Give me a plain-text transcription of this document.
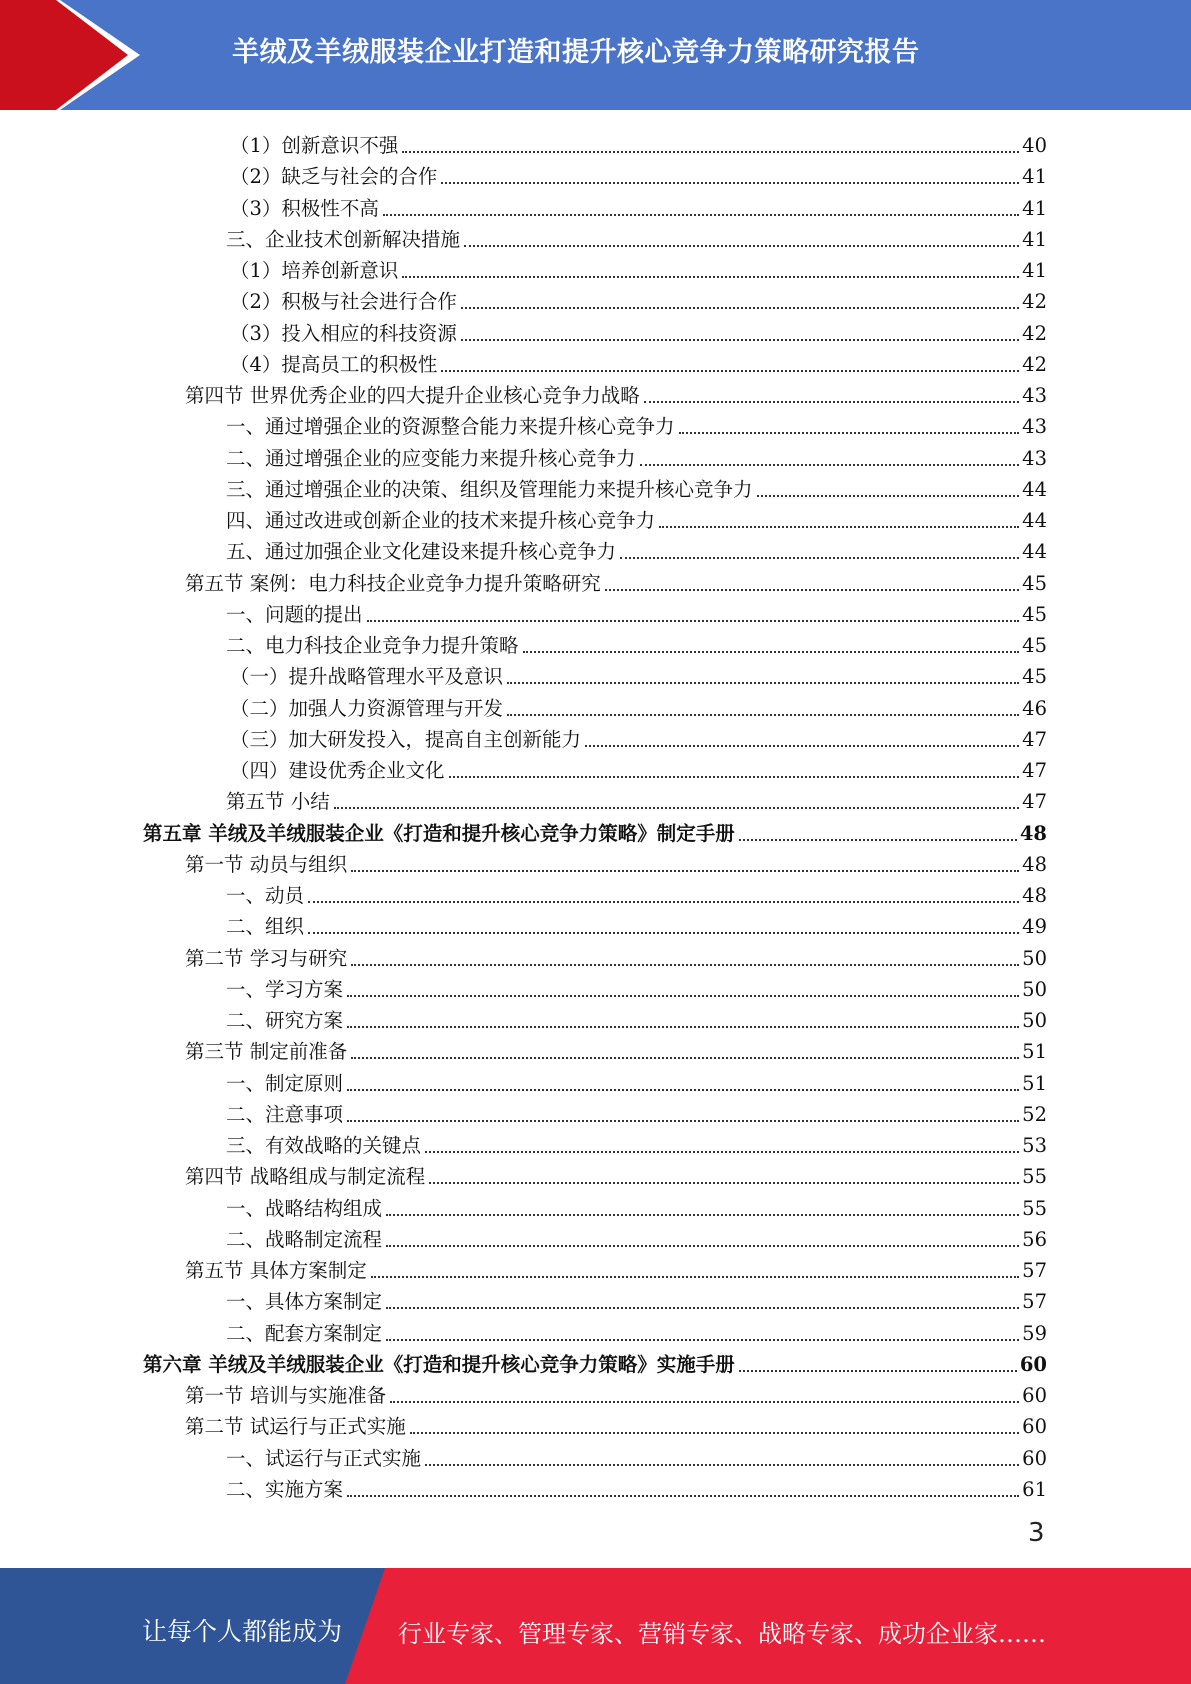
羊绒及羊绒服装企业打造和提升核心竞争力策略研究报告
（1）创新意识不强	40
（2）缺乏与社会的合作	41
（3）积极性不高	41
三、企业技术创新解决措施	41
（1）培养创新意识	41
（2）积极与社会进行合作	42
（3）投入相应的科技资源	42
（4）提高员工的积极性	42
第四节 世界优秀企业的四大提升企业核心竞争力战略	43
一、通过增强企业的资源整合能力来提升核心竞争力	43
二、通过增强企业的应变能力来提升核心竞争力	43
三、通过增强企业的决策、组织及管理能力来提升核心竞争力	44
四、通过改进或创新企业的技术来提升核心竞争力	44
五、通过加强企业文化建设来提升核心竞争力	44
第五节 案例：电力科技企业竞争力提升策略研究	45
一、问题的提出	45
二、电力科技企业竞争力提升策略	45
（一）提升战略管理水平及意识	45
（二）加强人力资源管理与开发	46
（三）加大研发投入，提高自主创新能力	47
（四）建设优秀企业文化	47
第五节 小结	47
第五章 羊绒及羊绒服装企业《打造和提升核心竞争力策略》制定手册	48
第一节 动员与组织	48
一、动员	48
二、组织	49
第二节 学习与研究	50
一、学习方案	50
二、研究方案	50
第三节 制定前准备	51
一、制定原则	51
二、注意事项	52
三、有效战略的关键点	53
第四节 战略组成与制定流程	55
一、战略结构组成	55
二、战略制定流程	56
第五节 具体方案制定	57
一、具体方案制定	57
二、配套方案制定	59
第六章 羊绒及羊绒服装企业《打造和提升核心竞争力策略》实施手册	60
第一节 培训与实施准备	60
第二节 试运行与正式实施	60
一、试运行与正式实施	60
二、实施方案	61
3
让每个人都能成为 行业专家、管理专家、营销专家、战略专家、成功企业家……
